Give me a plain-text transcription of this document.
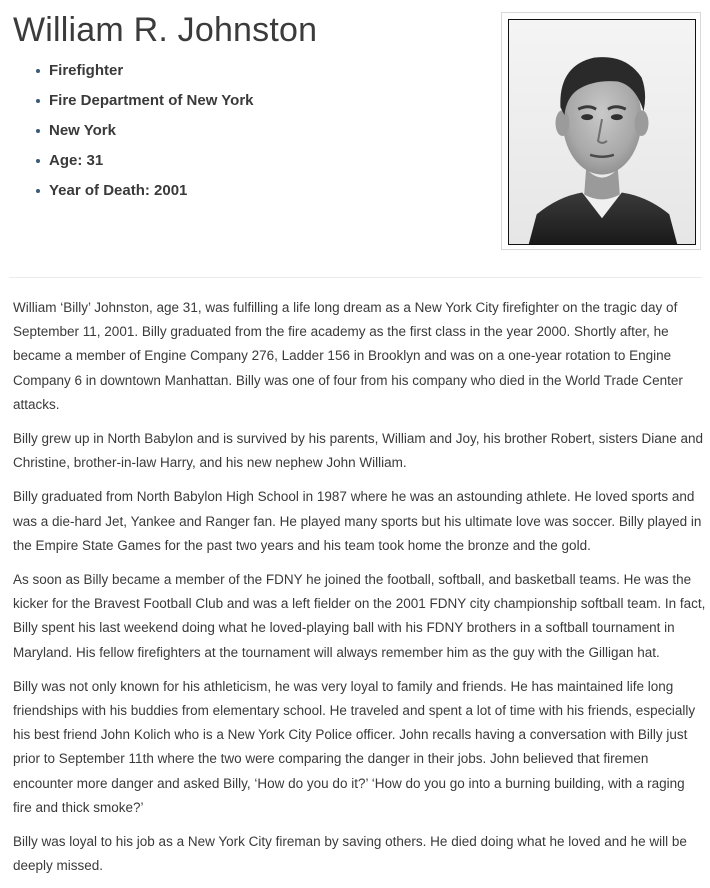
William R. Johnston
Firefighter
Fire Department of New York
New York
Age: 31
Year of Death: 2001

William ‘Billy’ Johnston, age 31, was fulfilling a life long dream as a New York City firefighter on the tragic day of September 11, 2001. Billy graduated from the fire academy as the first class in the year 2000. Shortly after, he became a member of Engine Company 276, Ladder 156 in Brooklyn and was on a one-year rotation to Engine Company 6 in downtown Manhattan. Billy was one of four from his company who died in the World Trade Center attacks.

Billy grew up in North Babylon and is survived by his parents, William and Joy, his brother Robert, sisters Diane and Christine, brother-in-law Harry, and his new nephew John William.

Billy graduated from North Babylon High School in 1987 where he was an astounding athlete. He loved sports and was a die-hard Jet, Yankee and Ranger fan. He played many sports but his ultimate love was soccer. Billy played in the Empire State Games for the past two years and his team took home the bronze and the gold.

As soon as Billy became a member of the FDNY he joined the football, softball, and basketball teams. He was the kicker for the Bravest Football Club and was a left fielder on the 2001 FDNY city championship softball team. In fact, Billy spent his last weekend doing what he loved-playing ball with his FDNY brothers in a softball tournament in Maryland. His fellow firefighters at the tournament will always remember him as the guy with the Gilligan hat.

Billy was not only known for his athleticism, he was very loyal to family and friends. He has maintained life long friendships with his buddies from elementary school. He traveled and spent a lot of time with his friends, especially his best friend John Kolich who is a New York City Police officer. John recalls having a conversation with Billy just prior to September 11th where the two were comparing the danger in their jobs. John believed that firemen encounter more danger and asked Billy, ‘How do you do it?’ ‘How do you go into a burning building, with a raging fire and thick smoke?’

Billy was loyal to his job as a New York City fireman by saving others. He died doing what he loved and he will be deeply missed.
